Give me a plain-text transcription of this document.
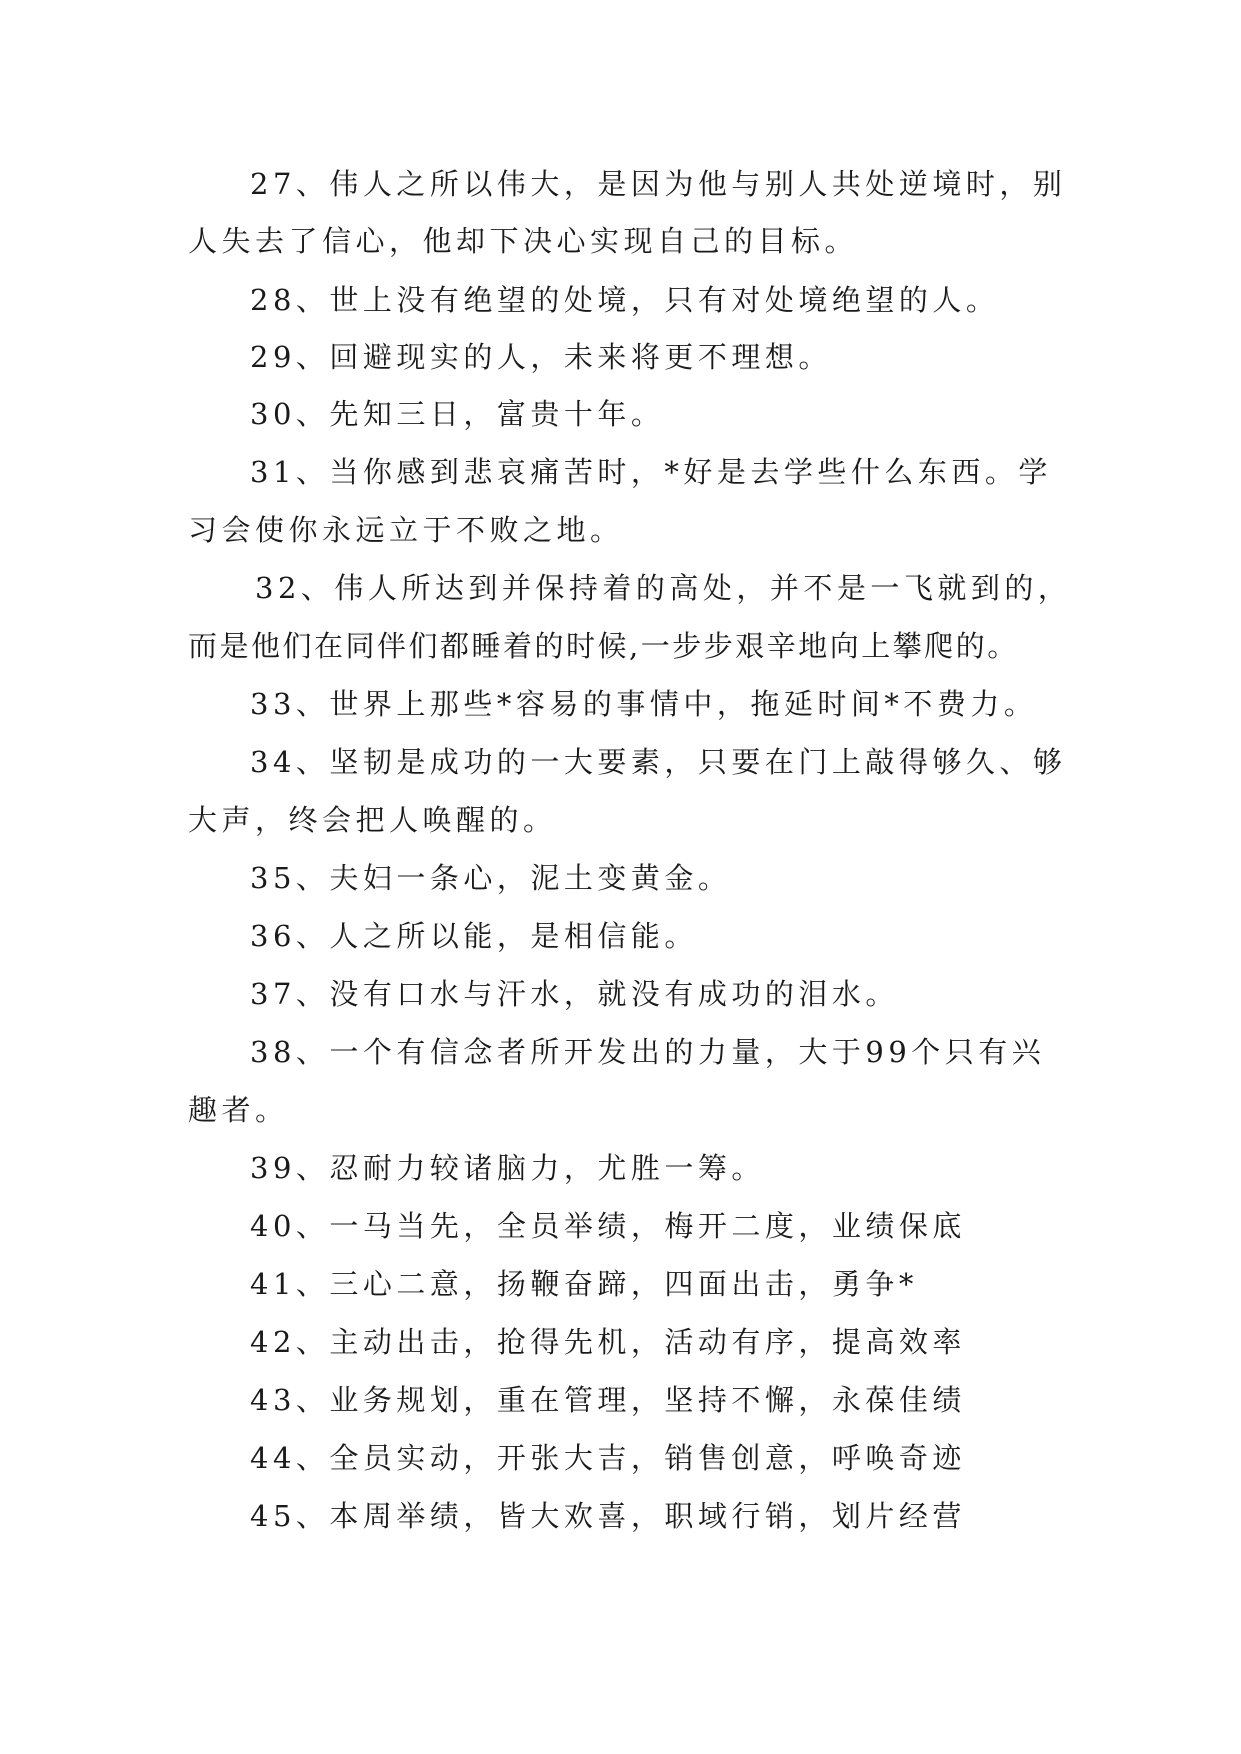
27、伟人之所以伟大，是因为他与别人共处逆境时，别
人失去了信心，他却下决心实现自己的目标。
28、世上没有绝望的处境，只有对处境绝望的人。
29、回避现实的人，未来将更不理想。
30、先知三日，富贵十年。
31、当你感到悲哀痛苦时，*好是去学些什么东西。学
习会使你永远立于不败之地。
32、伟人所达到并保持着的高处，并不是一飞就到的，
而是他们在同伴们都睡着的时候,一步步艰辛地向上攀爬的。
33、世界上那些*容易的事情中，拖延时间*不费力。
34、坚韧是成功的一大要素，只要在门上敲得够久、够
大声，终会把人唤醒的。
35、夫妇一条心，泥土变黄金。
36、人之所以能，是相信能。
37、没有口水与汗水，就没有成功的泪水。
38、一个有信念者所开发出的力量，大于99个只有兴
趣者。
39、忍耐力较诸脑力，尤胜一筹。
40、一马当先，全员举绩，梅开二度，业绩保底
41、三心二意，扬鞭奋蹄，四面出击，勇争*
42、主动出击，抢得先机，活动有序，提高效率
43、业务规划，重在管理，坚持不懈，永葆佳绩
44、全员实动，开张大吉，销售创意，呼唤奇迹
45、本周举绩，皆大欢喜，职域行销，划片经营
